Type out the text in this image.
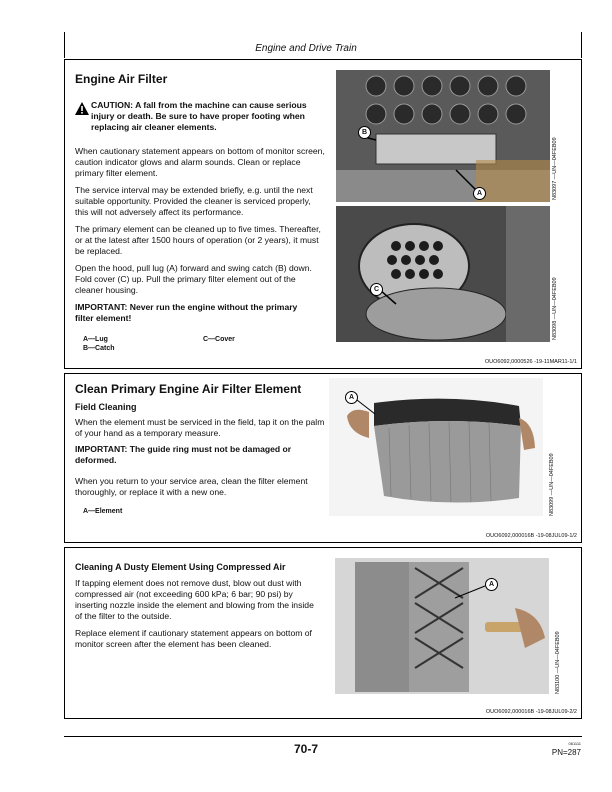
Engine and Drive Train
Engine Air Filter
CAUTION: A fall from the machine can cause serious injury or death. Be sure to have proper footing when replacing air cleaner elements.

When cautionary statement appears on bottom of monitor screen, caution indicator glows and alarm sounds. Clean or replace primary filter element.

The service interval may be extended briefly, e.g. until the next suitable opportunity. Provided the cleaner is serviced properly, this will not adversely affect its performance.

The primary element can be cleaned up to five times. Thereafter, or at the latest after 1500 hours of operation (or 2 years), it must be replaced.

Open the hood, pull lug (A) forward and swing catch (B) down. Fold cover (C) up. Pull the primary filter element out of the cleaner housing.

IMPORTANT: Never run the engine without the primary filter element!
A—Lug
B—Catch
C—Cover
B
A	N83097 —UN—04FEB09
C	N83098 —UN—04FEB09
OUO6092,0000526 -19-11MAR11-1/1
Clean Primary Engine Air Filter Element
Field Cleaning

When the element must be serviced in the field, tap it on the palm of your hand as a temporary measure.

IMPORTANT: The guide ring must not be damaged or deformed.

When you return to your service area, clean the filter element thoroughly, or replace it with a new one.

A—Element
A
N83099 —UN—04FEB09
OUO6092,000016B -19-08JUL09-1/2
Cleaning A Dusty Element Using Compressed Air

If tapping element does not remove dust, blow out dust with compressed air (not exceeding 600 kPa; 6 bar; 90 psi) by inserting nozzle inside the element and blowing from the inside of the filter to the outside.

Replace element if cautionary statement appears on bottom of monitor screen after the element has been cleaned.

A
N83100 —UN—04FEB09
OUO6092,000016B -19-08JUL09-2/2
70-7	061111
PN=287
